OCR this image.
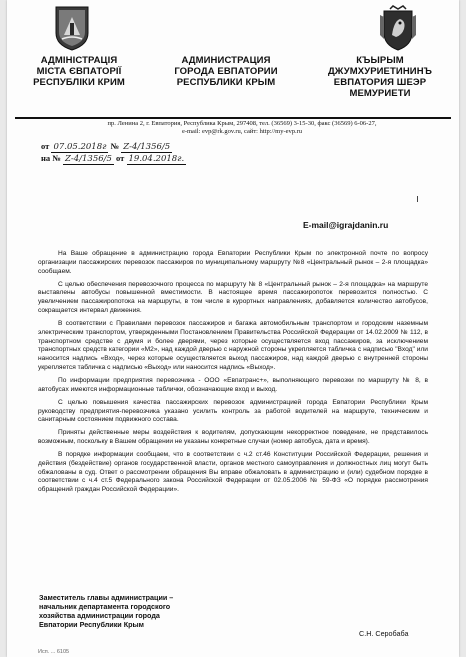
АДМІНІСТРАЦІЯ
МІСТА ЄВПАТОРІЇ
РЕСПУБЛІКИ КРИМ
АДМИНИСТРАЦИЯ
ГОРОДА ЕВПАТОРИИ
РЕСПУБЛИКИ КРЫМ
КЪЫРЫМ
ДЖУМХУРИЕТИНИНЪ
ЕВПАТОРИЯ ШЕЭР
МЕМУРИЕТИ
пр. Ленина 2, г. Евпатория, Республика Крым, 297408, тел. (36569) 3-15-30, факс (36569) 6-06-27,
e-mail: evp@rk.gov.ru, сайт: http://my-evp.ru
от 07.05.2018г № Z-4/1356/5
на № Z-4/1356/5 от 19.04.2018г.
E-mail@igrajdanin.ru

На Ваше обращение в администрацию города Евпатории Республики Крым по электронной почте по вопросу организации пассажирских перевозок пассажиров по муниципальному маршруту №8 «Центральный рынок – 2-я площадка» сообщаем.

С целью обеспечения перевозочного процесса по маршруту № 8 «Центральный рынок – 2-я площадка» на маршруте выставлены автобусы повышенной вместимости. В настоящее время пассажиропоток перевозится полностью. С увеличением пассажиропотока на маршруты, в том числе в курортных направлениях, добавляется количество автобусов, сокращается интервал движения.

В соответствии с Правилами перевозок пассажиров и багажа автомобильным транспортом и городским наземным электрическим транспортом, утвержденными Постановлением Правительства Российской Федерации от 14.02.2009 № 112, в транспортном средстве с двумя и более дверями, через которые осуществляется вход пассажиров, за исключением транспортных средств категории «М2», над каждой дверью с наружной стороны укрепляется табличка с надписью "Вход" или наносится надпись «Вход», через которые осуществляется выход пассажиров, над каждой дверью с внутренней стороны укрепляется табличка с надписью «Выход» или наносится надпись «Выход».

По информации предприятия перевозчика - ООО «Евпатранс+», выполняющего перевозки по маршруту № 8, в автобусах имеются информационные таблички, обозначающие вход и выход.

С целью повышения качества пассажирских перевозок администрацией города Евпатории Республики Крым руководству предприятия-перевозчика указано усилить контроль за работой водителей на маршруте, техническим и санитарным состоянием подвижного состава.

Приняты действенные меры воздействия к водителям, допускающим некорректное поведение, не представилось возможным, поскольку в Вашем обращении не указаны конкретные случаи (номер автобуса, дата и время).

В порядке информации сообщаем, что в соответствии с ч.2 ст.46 Конституции Российской Федерации, решения и действия (бездействие) органов государственной власти, органов местного самоуправления и должностных лиц могут быть обжалованы в суд. Ответ о рассмотрении обращения Вы вправе обжаловать в администрацию и (или) судебном порядке в соответствии с ч.4 ст.5 Федерального закона Российской Федерации от 02.05.2006 № 59-ФЗ «О порядке рассмотрения обращений граждан Российской Федерации».

Заместитель главы администрации –
начальник департамента городского
хозяйства администрации города
Евпатории Республики Крым
С.Н. Серобаба
Исп. ... 6105
